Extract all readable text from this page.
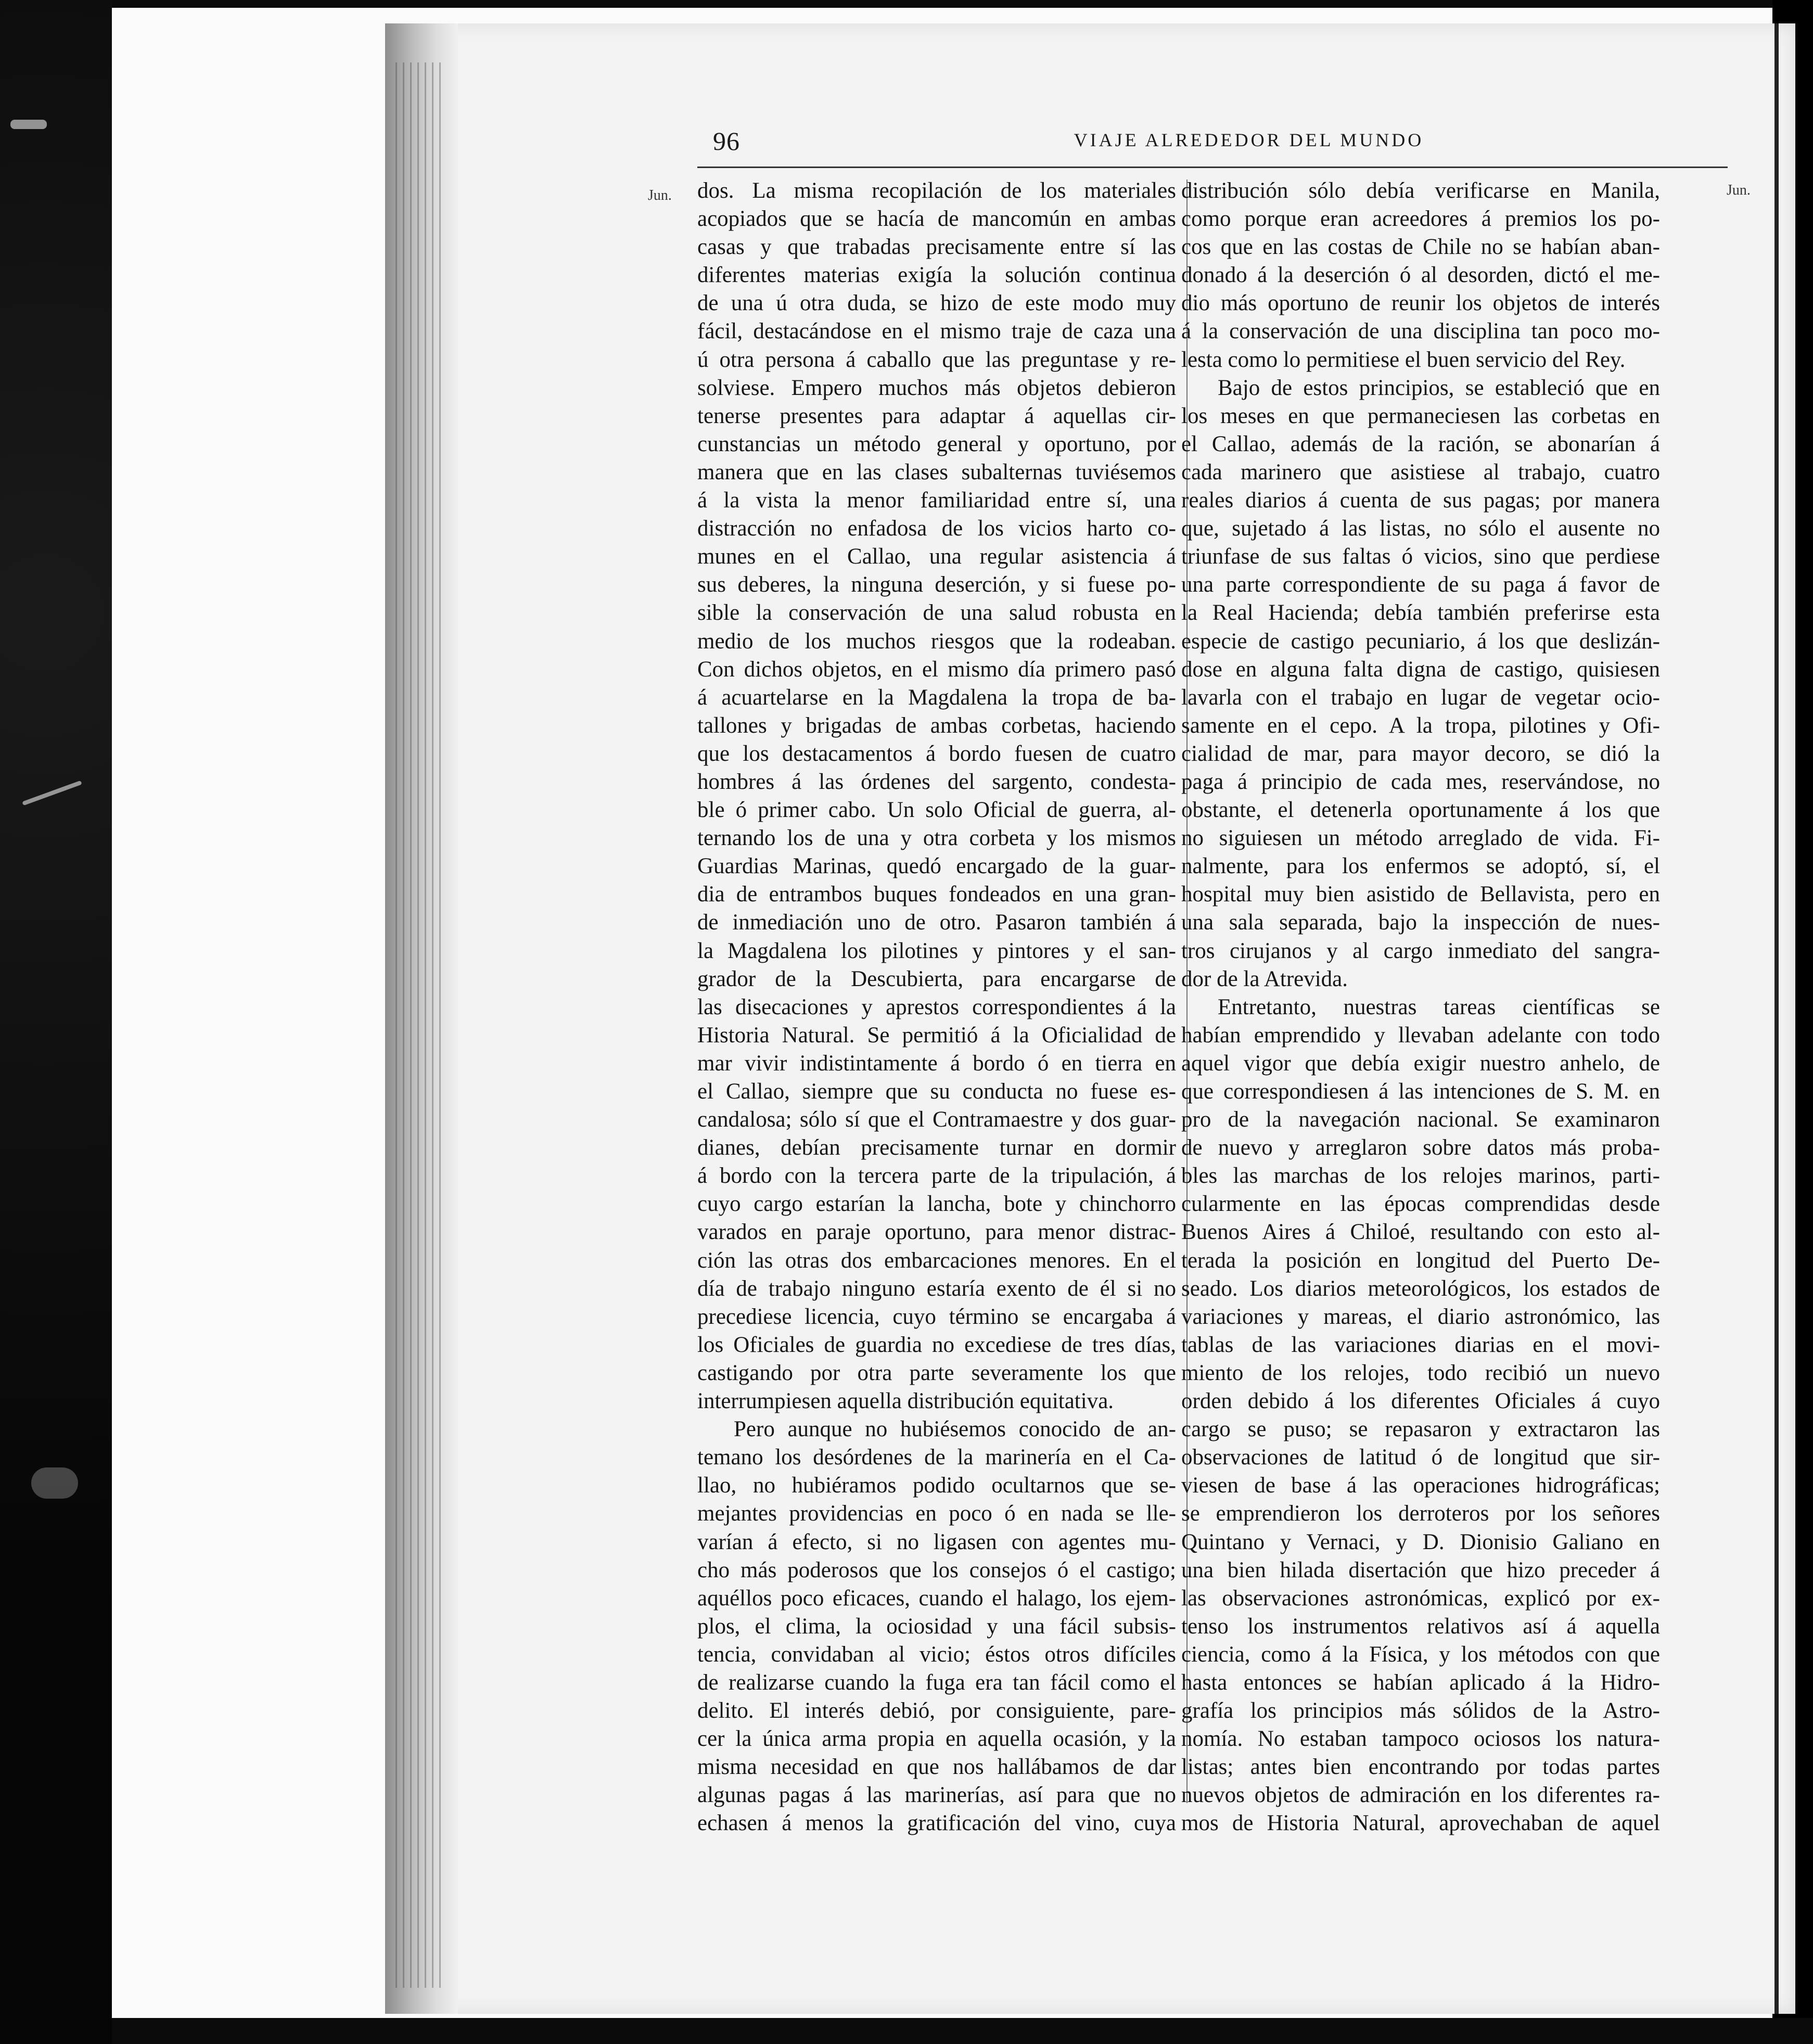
96	VIAJE ALREDEDOR DEL MUNDO
Jun.	Jun.
dos. La misma recopilación de los materiales
acopiados que se hacía de mancomún en ambas
casas y que trabadas precisamente entre sí las
diferentes materias exigía la solución continua
de una ú otra duda, se hizo de este modo muy
fácil, destacándose en el mismo traje de caza una
ú otra persona á caballo que las preguntase y re-
solviese. Empero muchos más objetos debieron
tenerse presentes para adaptar á aquellas cir-
cunstancias un método general y oportuno, por
manera que en las clases subalternas tuviésemos
á la vista la menor familiaridad entre sí, una
distracción no enfadosa de los vicios harto co-
munes en el Callao, una regular asistencia á
sus deberes, la ninguna deserción, y si fuese po-
sible la conservación de una salud robusta en
medio de los muchos riesgos que la rodeaban.
Con dichos objetos, en el mismo día primero pasó
á acuartelarse en la Magdalena la tropa de ba-
tallones y brigadas de ambas corbetas, haciendo
que los destacamentos á bordo fuesen de cuatro
hombres á las órdenes del sargento, condesta-
ble ó primer cabo. Un solo Oficial de guerra, al-
ternando los de una y otra corbeta y los mismos
Guardias Marinas, quedó encargado de la guar-
dia de entrambos buques fondeados en una gran-
de inmediación uno de otro. Pasaron también á
la Magdalena los pilotines y pintores y el san-
grador de la Descubierta, para encargarse de
las disecaciones y aprestos correspondientes á la
Historia Natural. Se permitió á la Oficialidad de
mar vivir indistintamente á bordo ó en tierra en
el Callao, siempre que su conducta no fuese es-
candalosa; sólo sí que el Contramaestre y dos guar-
dianes, debían precisamente turnar en dormir
á bordo con la tercera parte de la tripulación, á
cuyo cargo estarían la lancha, bote y chinchorro
varados en paraje oportuno, para menor distrac-
ción las otras dos embarcaciones menores. En el
día de trabajo ninguno estaría exento de él si no
precediese licencia, cuyo término se encargaba á
los Oficiales de guardia no excediese de tres días,
castigando por otra parte severamente los que
interrumpiesen aquella distribución equitativa.
Pero aunque no hubiésemos conocido de an-
temano los desórdenes de la marinería en el Ca-
llao, no hubiéramos podido ocultarnos que se-
mejantes providencias en poco ó en nada se lle-
varían á efecto, si no ligasen con agentes mu-
cho más poderosos que los consejos ó el castigo;
aquéllos poco eficaces, cuando el halago, los ejem-
plos, el clima, la ociosidad y una fácil subsis-
tencia, convidaban al vicio; éstos otros difíciles
de realizarse cuando la fuga era tan fácil como el
delito. El interés debió, por consiguiente, pare-
cer la única arma propia en aquella ocasión, y la
misma necesidad en que nos hallábamos de dar
algunas pagas á las marinerías, así para que no
echasen á menos la gratificación del vino, cuya
distribución sólo debía verificarse en Manila,
como porque eran acreedores á premios los po-
cos que en las costas de Chile no se habían aban-
donado á la deserción ó al desorden, dictó el me-
dio más oportuno de reunir los objetos de interés
á la conservación de una disciplina tan poco mo-
lesta como lo permitiese el buen servicio del Rey.
Bajo de estos principios, se estableció que en
los meses en que permaneciesen las corbetas en
el Callao, además de la ración, se abonarían á
cada marinero que asistiese al trabajo, cuatro
reales diarios á cuenta de sus pagas; por manera
que, sujetado á las listas, no sólo el ausente no
triunfase de sus faltas ó vicios, sino que perdiese
una parte correspondiente de su paga á favor de
la Real Hacienda; debía también preferirse esta
especie de castigo pecuniario, á los que deslizán-
dose en alguna falta digna de castigo, quisiesen
lavarla con el trabajo en lugar de vegetar ocio-
samente en el cepo. A la tropa, pilotines y Ofi-
cialidad de mar, para mayor decoro, se dió la
paga á principio de cada mes, reservándose, no
obstante, el detenerla oportunamente á los que
no siguiesen un método arreglado de vida. Fi-
nalmente, para los enfermos se adoptó, sí, el
hospital muy bien asistido de Bellavista, pero en
una sala separada, bajo la inspección de nues-
tros cirujanos y al cargo inmediato del sangra-
dor de la Atrevida.
Entretanto, nuestras tareas científicas se
habían emprendido y llevaban adelante con todo
aquel vigor que debía exigir nuestro anhelo, de
que correspondiesen á las intenciones de S. M. en
pro de la navegación nacional. Se examinaron
de nuevo y arreglaron sobre datos más proba-
bles las marchas de los relojes marinos, parti-
cularmente en las épocas comprendidas desde
Buenos Aires á Chiloé, resultando con esto al-
terada la posición en longitud del Puerto De-
seado. Los diarios meteorológicos, los estados de
variaciones y mareas, el diario astronómico, las
tablas de las variaciones diarias en el movi-
miento de los relojes, todo recibió un nuevo
orden debido á los diferentes Oficiales á cuyo
cargo se puso; se repasaron y extractaron las
observaciones de latitud ó de longitud que sir-
viesen de base á las operaciones hidrográficas;
se emprendieron los derroteros por los señores
Quintano y Vernaci, y D. Dionisio Galiano en
una bien hilada disertación que hizo preceder á
las observaciones astronómicas, explicó por ex-
tenso los instrumentos relativos así á aquella
ciencia, como á la Física, y los métodos con que
hasta entonces se habían aplicado á la Hidro-
grafía los principios más sólidos de la Astro-
nomía. No estaban tampoco ociosos los natura-
listas; antes bien encontrando por todas partes
nuevos objetos de admiración en los diferentes ra-
mos de Historia Natural, aprovechaban de aquel
